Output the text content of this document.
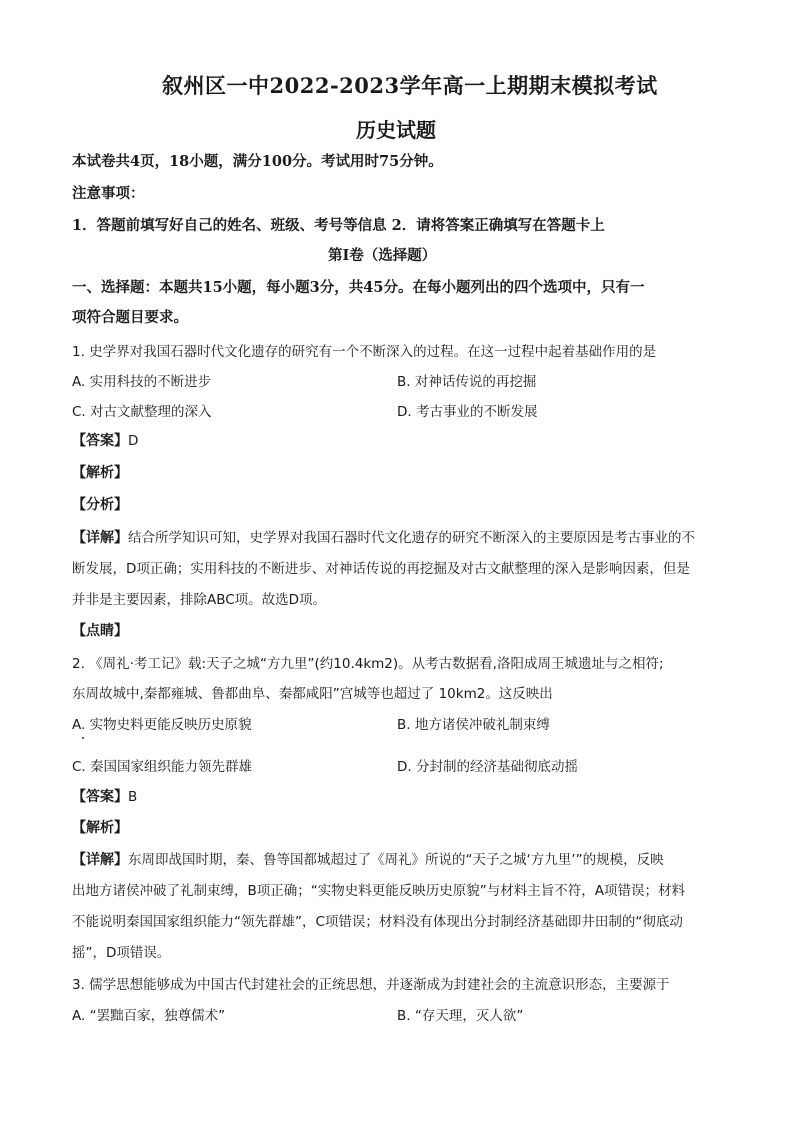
叙州区一中2022-2023学年高一上期期末模拟考试
历史试题
本试卷共4页，18小题，满分100分。考试用时75分钟。
注意事项：
1．答题前填写好自己的姓名、班级、考号等信息 2．请将答案正确填写在答题卡上
第I卷（选择题）
一、选择题：本题共15小题，每小题3分，共45分。在每小题列出的四个选项中，只有一
项符合题目要求。
1. 史学界对我国石器时代文化遗存的研究有一个不断深入的过程。在这一过程中起着基础作用的是
A. 实用科技的不断进步	B. 对神话传说的再挖掘
C. 对古文献整理的深入	D. 考古事业的不断发展
【答案】D
【解析】
【分析】
【详解】结合所学知识可知，史学界对我国石器时代文化遗存的研究不断深入的主要原因是考古事业的不
断发展，D项正确；实用科技的不断进步、对神话传说的再挖掘及对古文献整理的深入是影响因素，但是
并非是主要因素，排除ABC项。故选D项。
【点睛】
2. 《周礼·考工记》载:天子之城“方九里”(约10.4km2)。从考古数据看,洛阳成周王城遗址与之相符;
东周故城中,秦都雍城、鲁都曲阜、秦都咸阳”宫城等也超过了 10km2。这反映出
A. 实物史料更能反映历史原貌	B. 地方诸侯冲破礼制束缚
C. 秦国国家组织能力领先群雄	D. 分封制的经济基础彻底动摇
【答案】B
【解析】
【详解】东周即战国时期，秦、鲁等国都城超过了《周礼》所说的“天子之城‘方九里’”的规模，反映
出地方诸侯冲破了礼制束缚，B项正确；“实物史料更能反映历史原貌”与材料主旨不符，A项错误；材料
不能说明秦国国家组织能力“领先群雄”，C项错误；材料没有体现出分封制经济基础即井田制的“彻底动
摇”，D项错误。
3. 儒学思想能够成为中国古代封建社会的正统思想，并逐渐成为封建社会的主流意识形态，主要源于
A. “罢黜百家，独尊儒术”	B. “存天理，灭人欲”
